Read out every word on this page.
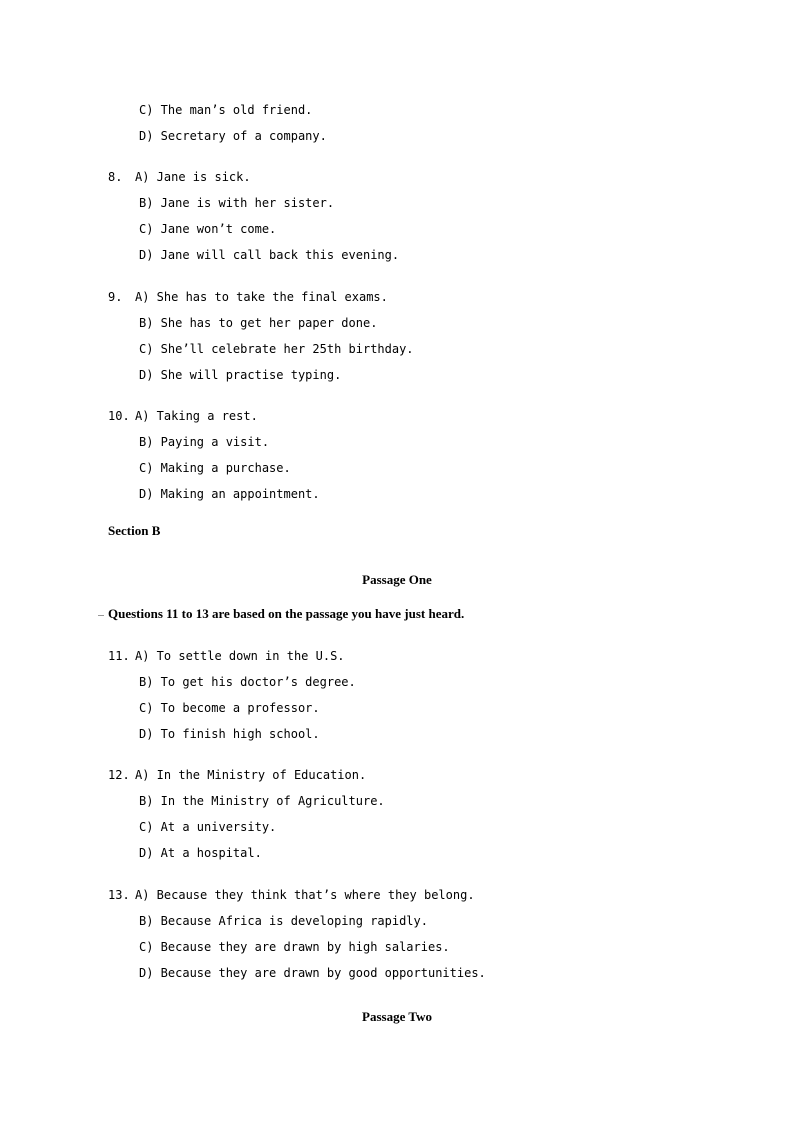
C) The man’s old friend.
D) Secretary of a company.
8. A) Jane is sick.
B) Jane is with her sister.
C) Jane won’t come.
D) Jane will call back this evening.
9. A) She has to take the final exams.
B) She has to get her paper done.
C) She’ll celebrate her 25th birthday.
D) She will practise typing.
10. A) Taking a rest.
B) Paying a visit.
C) Making a purchase.
D) Making an appointment.
Section B
Passage One
Questions 11 to 13 are based on the passage you have just heard.
11. A) To settle down in the U.S.
B) To get his doctor’s degree.
C) To become a professor.
D) To finish high school.
12. A) In the Ministry of Education.
B) In the Ministry of Agriculture.
C) At a university.
D) At a hospital.
13. A) Because they think that’s where they belong.
B) Because Africa is developing rapidly.
C) Because they are drawn by high salaries.
D) Because they are drawn by good opportunities.
Passage Two
